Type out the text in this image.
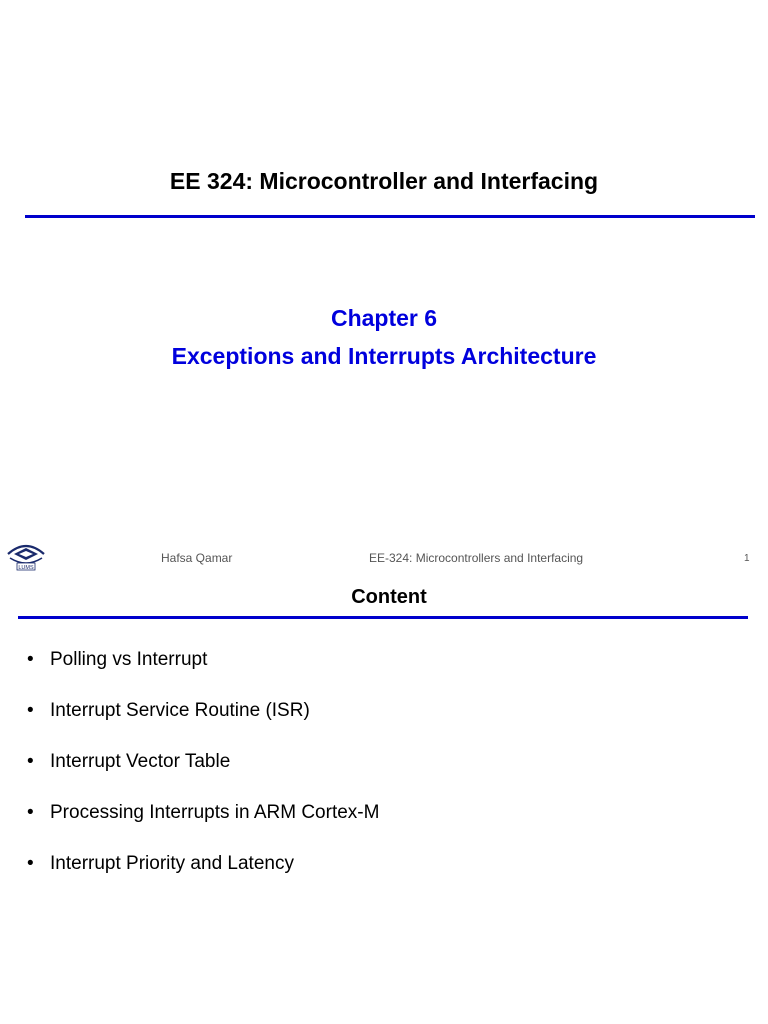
EE 324: Microcontroller and Interfacing
Chapter 6
Exceptions and Interrupts Architecture
LUMS
Hafsa Qamar	EE-324: Microcontrollers and Interfacing	1
Content
• Polling vs Interrupt
• Interrupt Service Routine (ISR)
• Interrupt Vector Table
• Processing Interrupts in ARM Cortex-M
• Interrupt Priority and Latency
